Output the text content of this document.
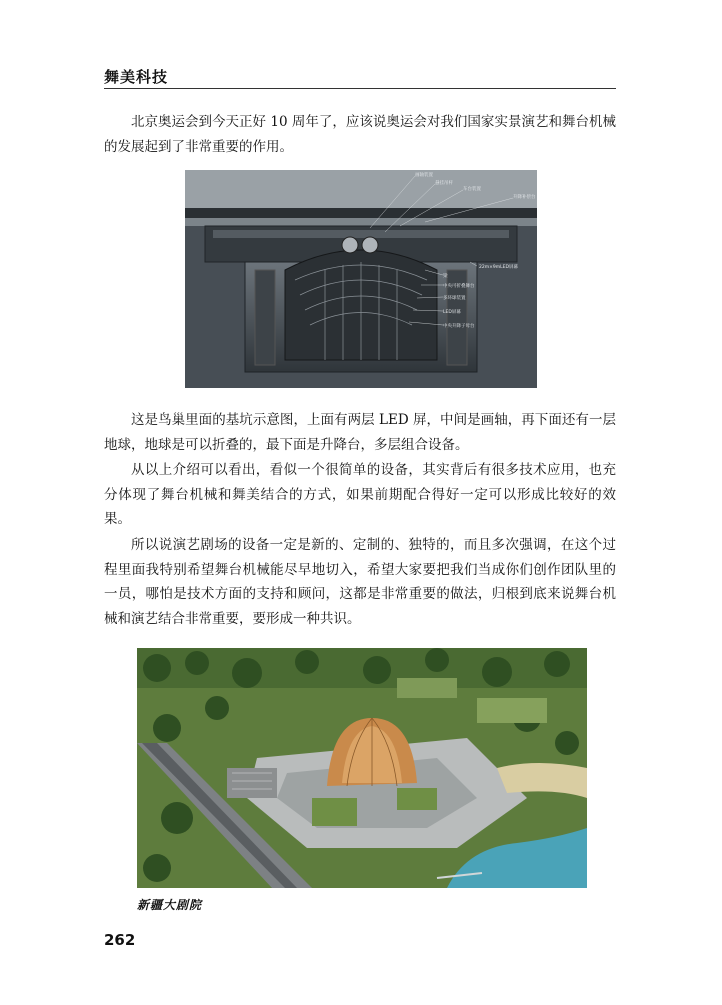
舞美科技

北京奥运会到今天正好 10 周年了，应该说奥运会对我们国家实景演艺和舞台机械的发展起到了非常重要的作用。

画轴装置
悬挂吊杆
车台装置
升降补偿台
22m×9mLED屏幕
梁
中央可折叠舞台
多环球装置
LED屏幕
中央升降子母台

这是鸟巢里面的基坑示意图，上面有两层 LED 屏，中间是画轴，再下面还有一层地球，地球是可以折叠的，最下面是升降台，多层组合设备。

从以上介绍可以看出，看似一个很简单的设备，其实背后有很多技术应用，也充分体现了舞台机械和舞美结合的方式，如果前期配合得好一定可以形成比较好的效果。

所以说演艺剧场的设备一定是新的、定制的、独特的，而且多次强调，在这个过程里面我特别希望舞台机械能尽早地切入，希望大家要把我们当成你们创作团队里的一员，哪怕是技术方面的支持和顾问，这都是非常重要的做法，归根到底来说舞台机械和演艺结合非常重要，要形成一种共识。

新疆大剧院
262
